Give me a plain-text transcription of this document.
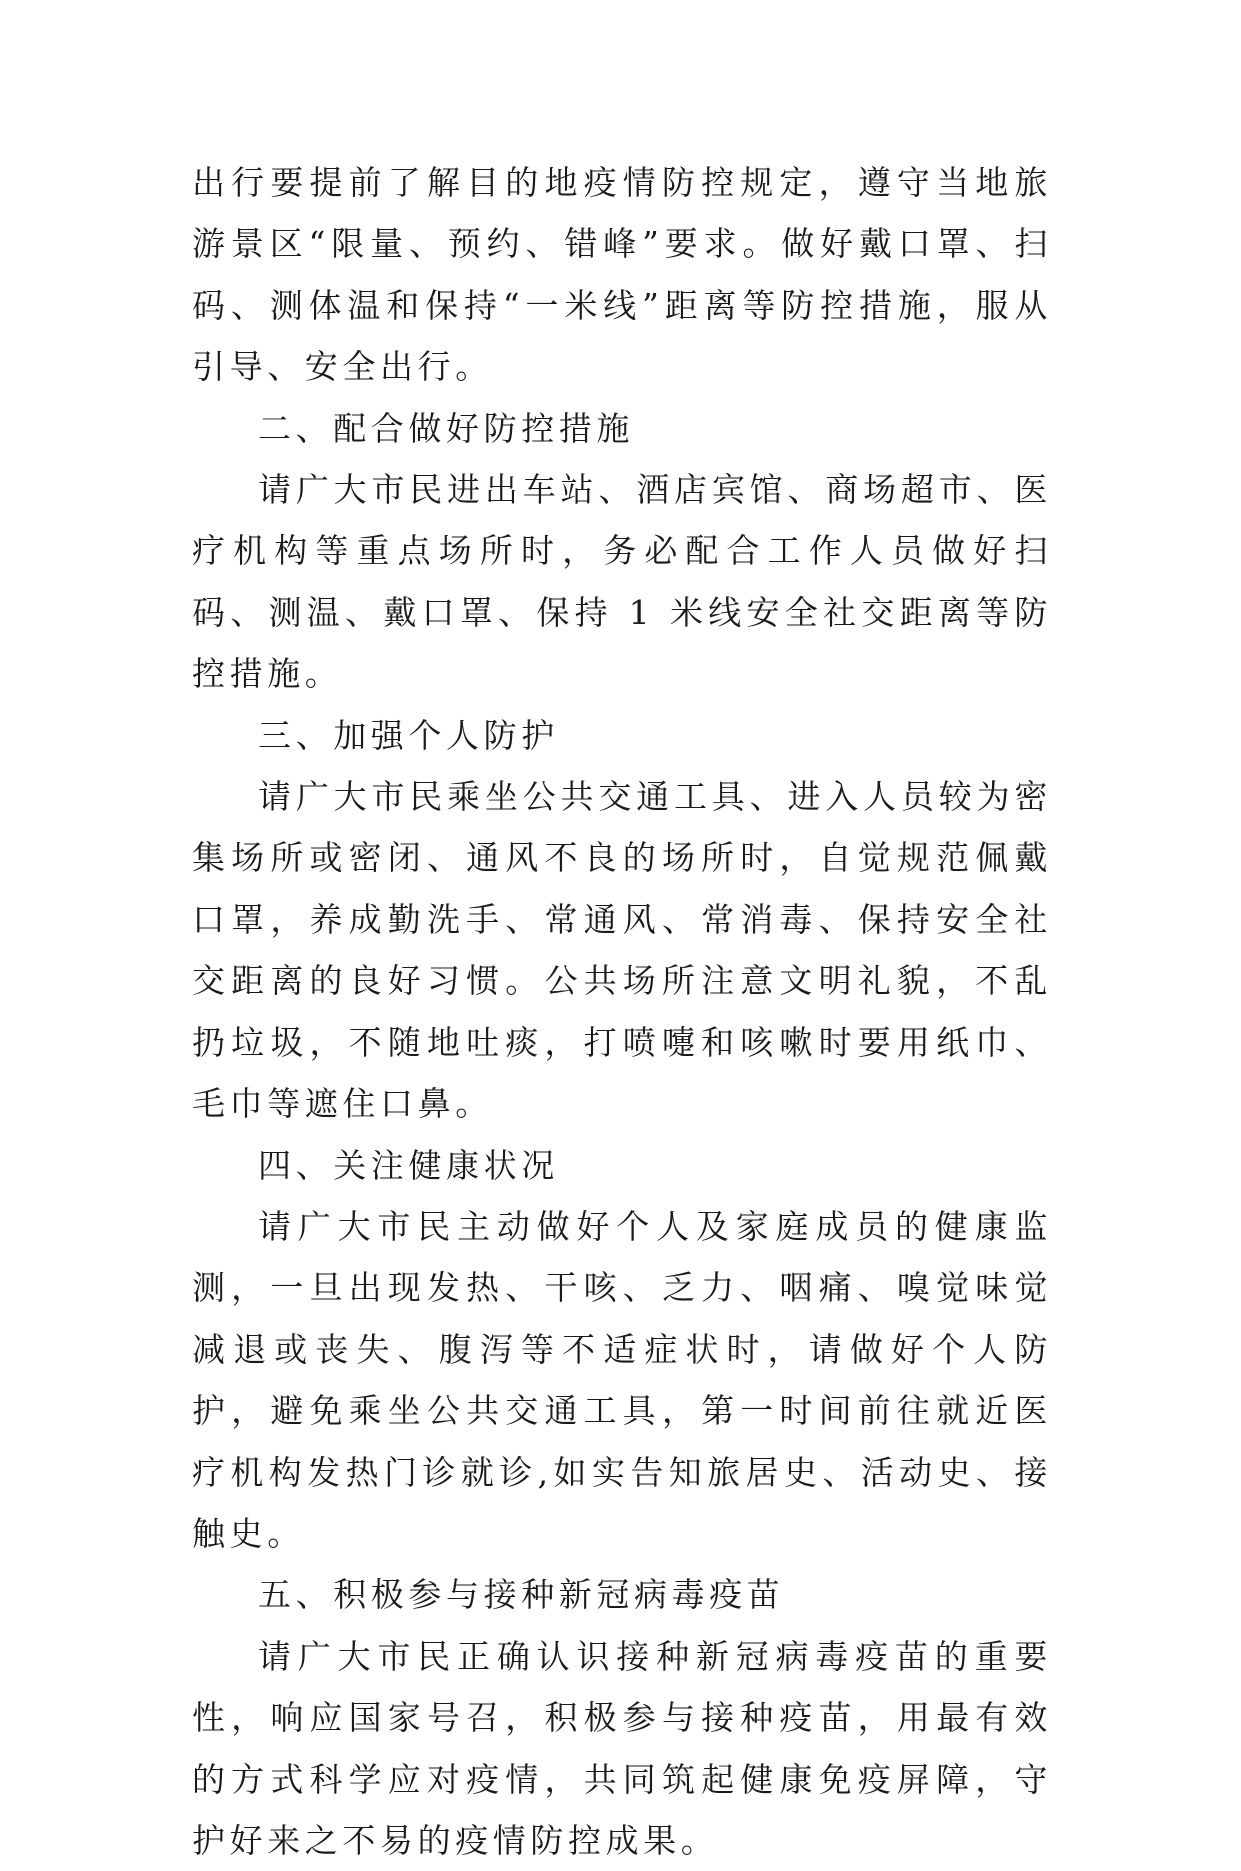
出行要提前了解目的地疫情防控规定，遵守当地旅游景区“限量、预约、错峰”要求。做好戴口罩、扫码、测体温和保持“一米线”距离等防控措施，服从引导、安全出行。

二、配合做好防控措施

请广大市民进出车站、酒店宾馆、商场超市、医疗机构等重点场所时，务必配合工作人员做好扫码、测温、戴口罩、保持 1 米线安全社交距离等防控措施。

三、加强个人防护

请广大市民乘坐公共交通工具、进入人员较为密集场所或密闭、通风不良的场所时，自觉规范佩戴口罩，养成勤洗手、常通风、常消毒、保持安全社交距离的良好习惯。公共场所注意文明礼貌，不乱扔垃圾，不随地吐痰，打喷嚏和咳嗽时要用纸巾、毛巾等遮住口鼻。

四、关注健康状况

请广大市民主动做好个人及家庭成员的健康监测，一旦出现发热、干咳、乏力、咽痛、嗅觉味觉减退或丧失、腹泻等不适症状时，请做好个人防护，避免乘坐公共交通工具，第一时间前往就近医疗机构发热门诊就诊,如实告知旅居史、活动史、接触史。

五、积极参与接种新冠病毒疫苗

请广大市民正确认识接种新冠病毒疫苗的重要性，响应国家号召，积极参与接种疫苗，用最有效的方式科学应对疫情，共同筑起健康免疫屏障，守护好来之不易的疫情防控成果。
